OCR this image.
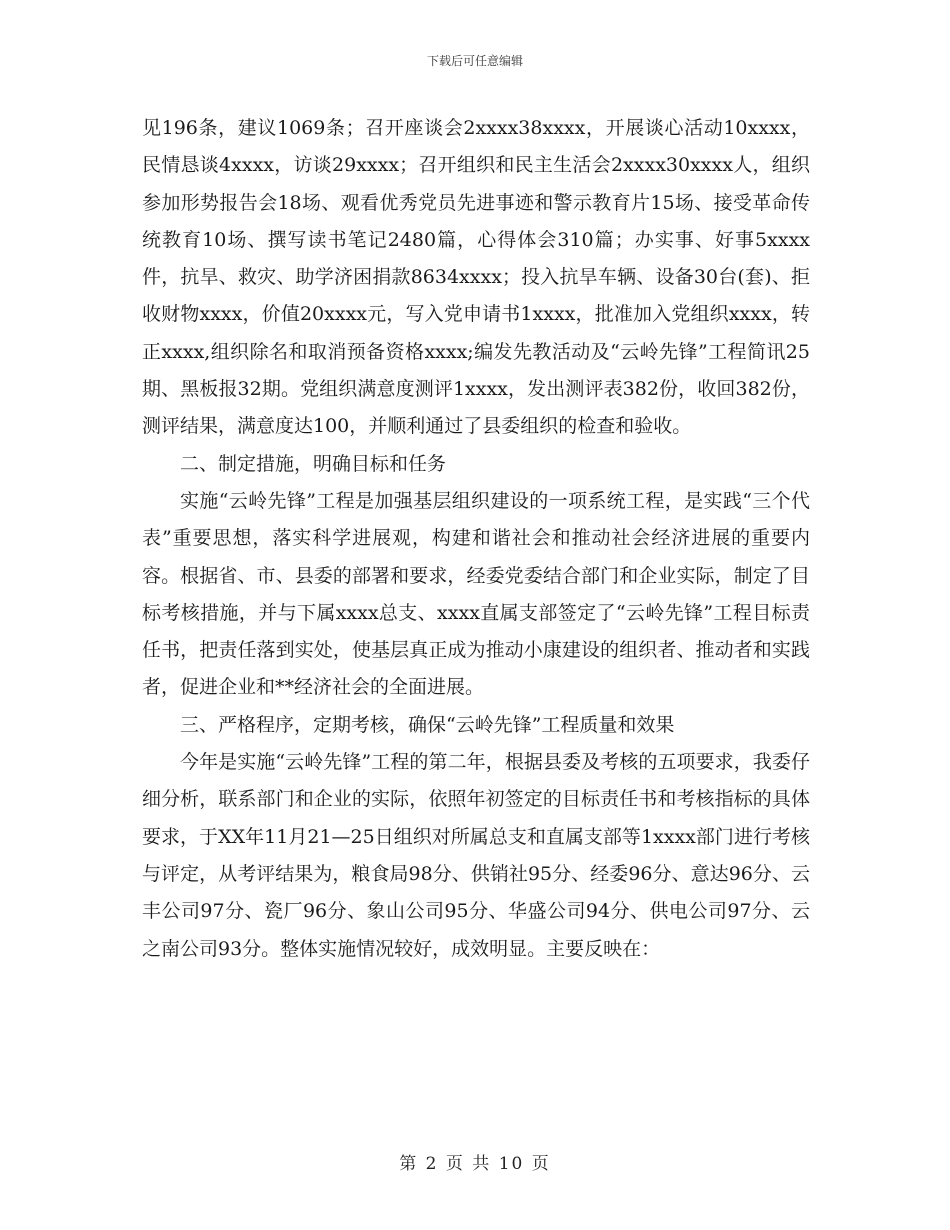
下载后可任意编辑

见196条，建议1069条；召开座谈会2xxxx38xxxx，开展谈心活动10xxxx，民情恳谈4xxxx，访谈29xxxx；召开组织和民主生活会2xxxx30xxxx人，组织参加形势报告会18场、观看优秀党员先进事迹和警示教育片15场、接受革命传统教育10场、撰写读书笔记2480篇，心得体会310篇；办实事、好事5xxxx件，抗旱、救灾、助学济困捐款8634xxxx；投入抗旱车辆、设备30台(套)、拒收财物xxxx，价值20xxxx元，写入党申请书1xxxx，批准加入党组织xxxx，转正xxxx,组织除名和取消预备资格xxxx;编发先教活动及“云岭先锋”工程简讯25期、黑板报32期。党组织满意度测评1xxxx，发出测评表382份，收回382份，测评结果，满意度达100，并顺利通过了县委组织的检查和验收。

二、制定措施，明确目标和任务

实施“云岭先锋”工程是加强基层组织建设的一项系统工程，是实践“三个代表”重要思想，落实科学进展观，构建和谐社会和推动社会经济进展的重要内容。根据省、市、县委的部署和要求，经委党委结合部门和企业实际，制定了目标考核措施，并与下属xxxx总支、xxxx直属支部签定了“云岭先锋”工程目标责任书，把责任落到实处，使基层真正成为推动小康建设的组织者、推动者和实践者，促进企业和**经济社会的全面进展。

三、严格程序，定期考核，确保“云岭先锋”工程质量和效果

今年是实施“云岭先锋”工程的第二年，根据县委及考核的五项要求，我委仔细分析，联系部门和企业的实际，依照年初签定的目标责任书和考核指标的具体要求，于XX年11月21—25日组织对所属总支和直属支部等1xxxx部门进行考核与评定，从考评结果为，粮食局98分、供销社95分、经委96分、意达96分、云丰公司97分、瓷厂96分、象山公司95分、华盛公司94分、供电公司97分、云之南公司93分。整体实施情况较好，成效明显。主要反映在：

第 2 页 共 10 页
